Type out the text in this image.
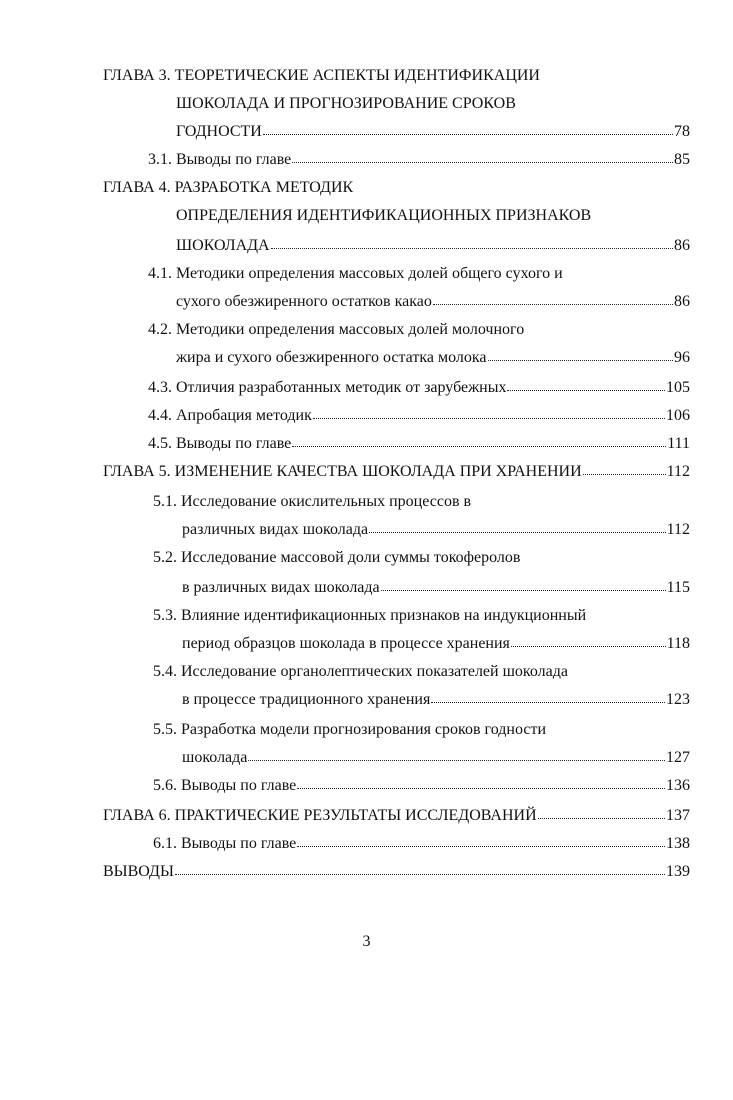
ГЛАВА 3. ТЕОРЕТИЧЕСКИЕ АСПЕКТЫ ИДЕНТИФИКАЦИИ
ШОКОЛАДА И ПРОГНОЗИРОВАНИЕ СРОКОВ
ГОДНОСТИ	78
3.1. Выводы по главе	85
ГЛАВА 4. РАЗРАБОТКА МЕТОДИК
ОПРЕДЕЛЕНИЯ ИДЕНТИФИКАЦИОННЫХ ПРИЗНАКОВ
ШОКОЛАДА	86
4.1. Методики определения массовых долей общего сухого и
сухого обезжиренного остатков какао	86
4.2. Методики определения массовых долей молочного
жира и сухого обезжиренного остатка молока	96
4.3. Отличия разработанных методик от зарубежных	105
4.4. Апробация методик	106
4.5. Выводы по главе	111
ГЛАВА 5. ИЗМЕНЕНИЕ КАЧЕСТВА ШОКОЛАДА ПРИ ХРАНЕНИИ	112
5.1. Исследование окислительных процессов в
различных видах шоколада	112
5.2. Исследование массовой доли суммы токоферолов
в различных видах шоколада	115
5.3. Влияние идентификационных признаков на индукционный
период образцов шоколада в процессе хранения	118
5.4. Исследование органолептических показателей шоколада
в процессе традиционного хранения	123
5.5. Разработка модели прогнозирования сроков годности
шоколада	127
5.6. Выводы по главе	136
ГЛАВА 6. ПРАКТИЧЕСКИЕ РЕЗУЛЬТАТЫ ИССЛЕДОВАНИЙ	137
6.1. Выводы по главе	138
ВЫВОДЫ	139
3
